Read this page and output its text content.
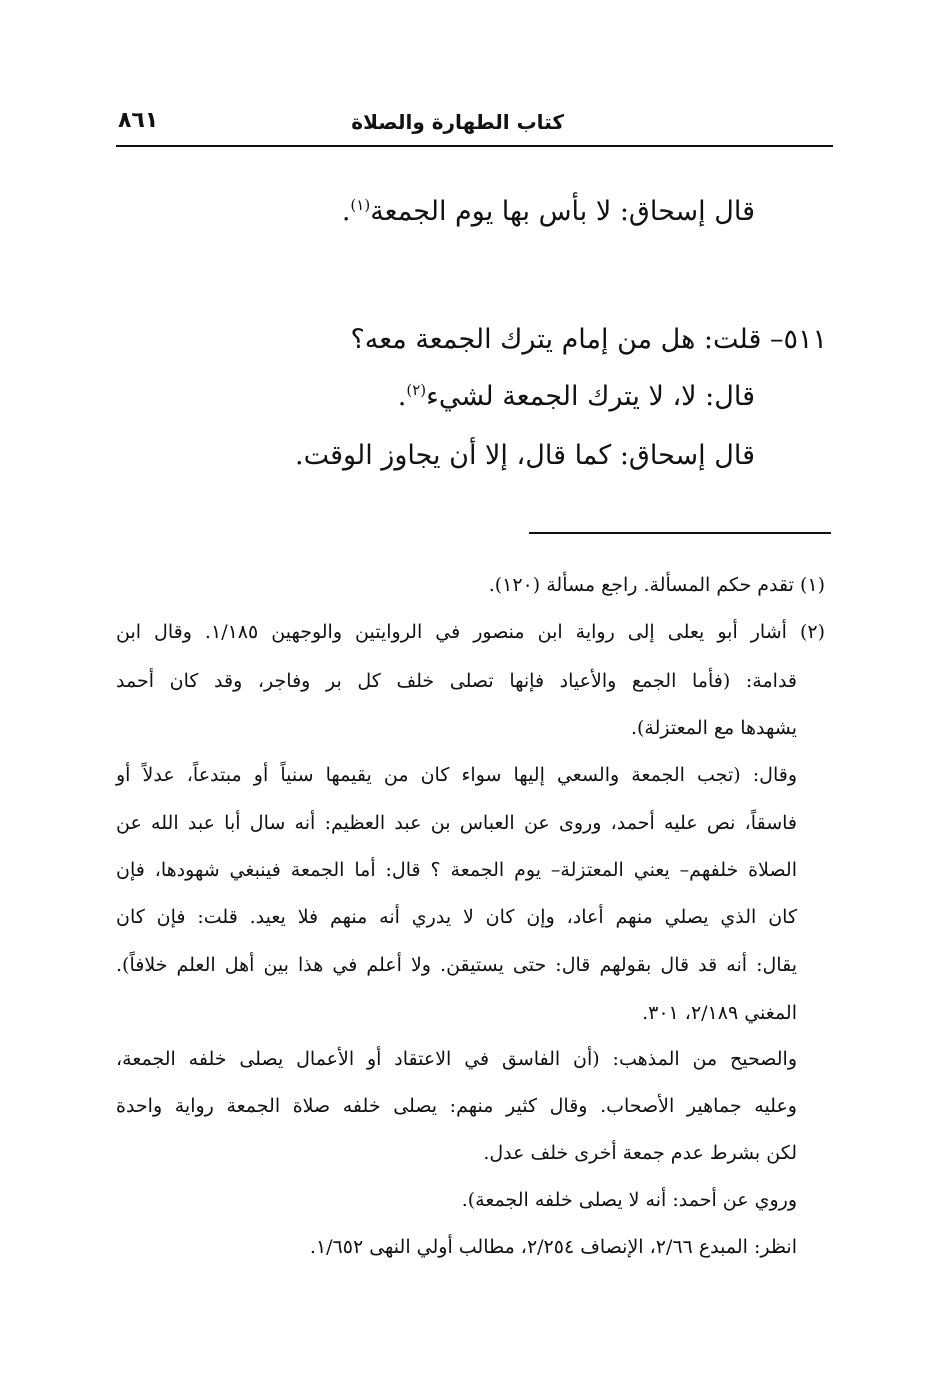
كتاب الطهارة والصلاة
٨٦١
قال إسحاق: لا بأس بها يوم الجمعة$^{(١)}$.
٥١١– قلت: هل من إمام يترك الجمعة معه؟
قال: لا، لا يترك الجمعة لشيء$^{(٢)}$.
قال إسحاق: كما قال، إلا أن يجاوز الوقت.
(١) تقدم حكم المسألة. راجع مسألة (١٢٠).
(٢) أشار أبو يعلى إلى رواية ابن منصور في الروايتين والوجهين ١/١٨٥. وقال ابن
قدامة: (فأما الجمع والأعياد فإنها تصلى خلف كل بر وفاجر، وقد كان أحمد
يشهدها مع المعتزلة).
وقال: (تجب الجمعة والسعي إليها سواء كان من يقيمها سنياً أو مبتدعاً، عدلاً أو
فاسقاً، نص عليه أحمد، وروى عن العباس بن عبد العظيم: أنه سال أبا عبد الله عن
الصلاة خلفهم– يعني المعتزلة– يوم الجمعة ؟ قال: أما الجمعة فينبغي شهودها، فإن
كان الذي يصلي منهم أعاد، وإن كان لا يدري أنه منهم فلا يعيد. قلت: فإن كان
يقال: أنه قد قال بقولهم قال: حتى يستيقن. ولا أعلم في هذا بين أهل العلم خلافاً).
المغني ٢/١٨٩، ٣٠١.
والصحيح من المذهب: (أن الفاسق في الاعتقاد أو الأعمال يصلى خلفه الجمعة،
وعليه جماهير الأصحاب. وقال كثير منهم: يصلى خلفه صلاة الجمعة رواية واحدة
لكن بشرط عدم جمعة أخرى خلف عدل.
وروي عن أحمد: أنه لا يصلى خلفه الجمعة).
انظر: المبدع ٢/٦٦، الإنصاف ٢/٢٥٤، مطالب أولي النهى ١/٦٥٢.
